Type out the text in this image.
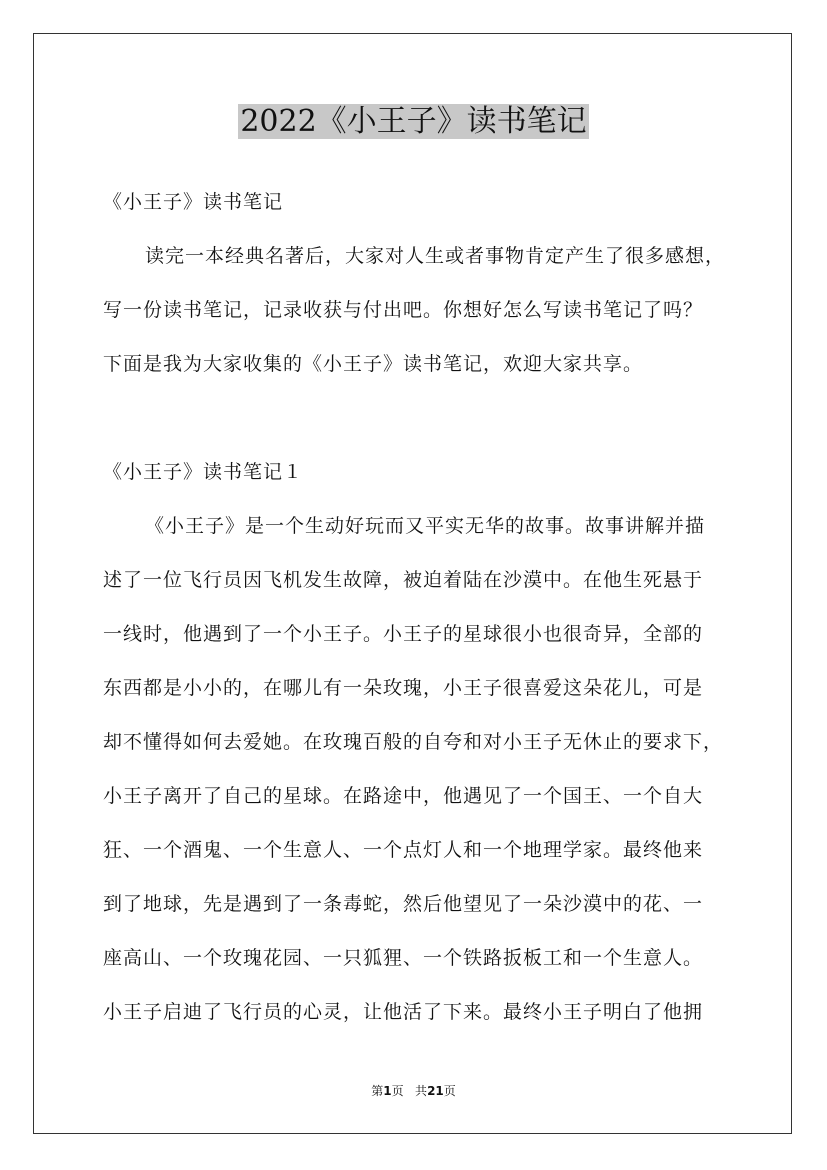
2022《小王子》读书笔记
《小王子》读书笔记
读完一本经典名著后，大家对人生或者事物肯定产生了很多感想，
写一份读书笔记，记录收获与付出吧。你想好怎么写读书笔记了吗？
下面是我为大家收集的《小王子》读书笔记，欢迎大家共享。
《小王子》读书笔记１
《小王子》是一个生动好玩而又平实无华的故事。故事讲解并描
述了一位飞行员因飞机发生故障，被迫着陆在沙漠中。在他生死悬于
一线时，他遇到了一个小王子。小王子的星球很小也很奇异，全部的
东西都是小小的，在哪儿有一朵玫瑰，小王子很喜爱这朵花儿，可是
却不懂得如何去爱她。在玫瑰百般的自夸和对小王子无休止的要求下，
小王子离开了自己的星球。在路途中，他遇见了一个国王、一个自大
狂、一个酒鬼、一个生意人、一个点灯人和一个地理学家。最终他来
到了地球，先是遇到了一条毒蛇，然后他望见了一朵沙漠中的花、一
座高山、一个玫瑰花园、一只狐狸、一个铁路扳板工和一个生意人。
小王子启迪了飞行员的心灵，让他活了下来。最终小王子明白了他拥
第1页 共21页
